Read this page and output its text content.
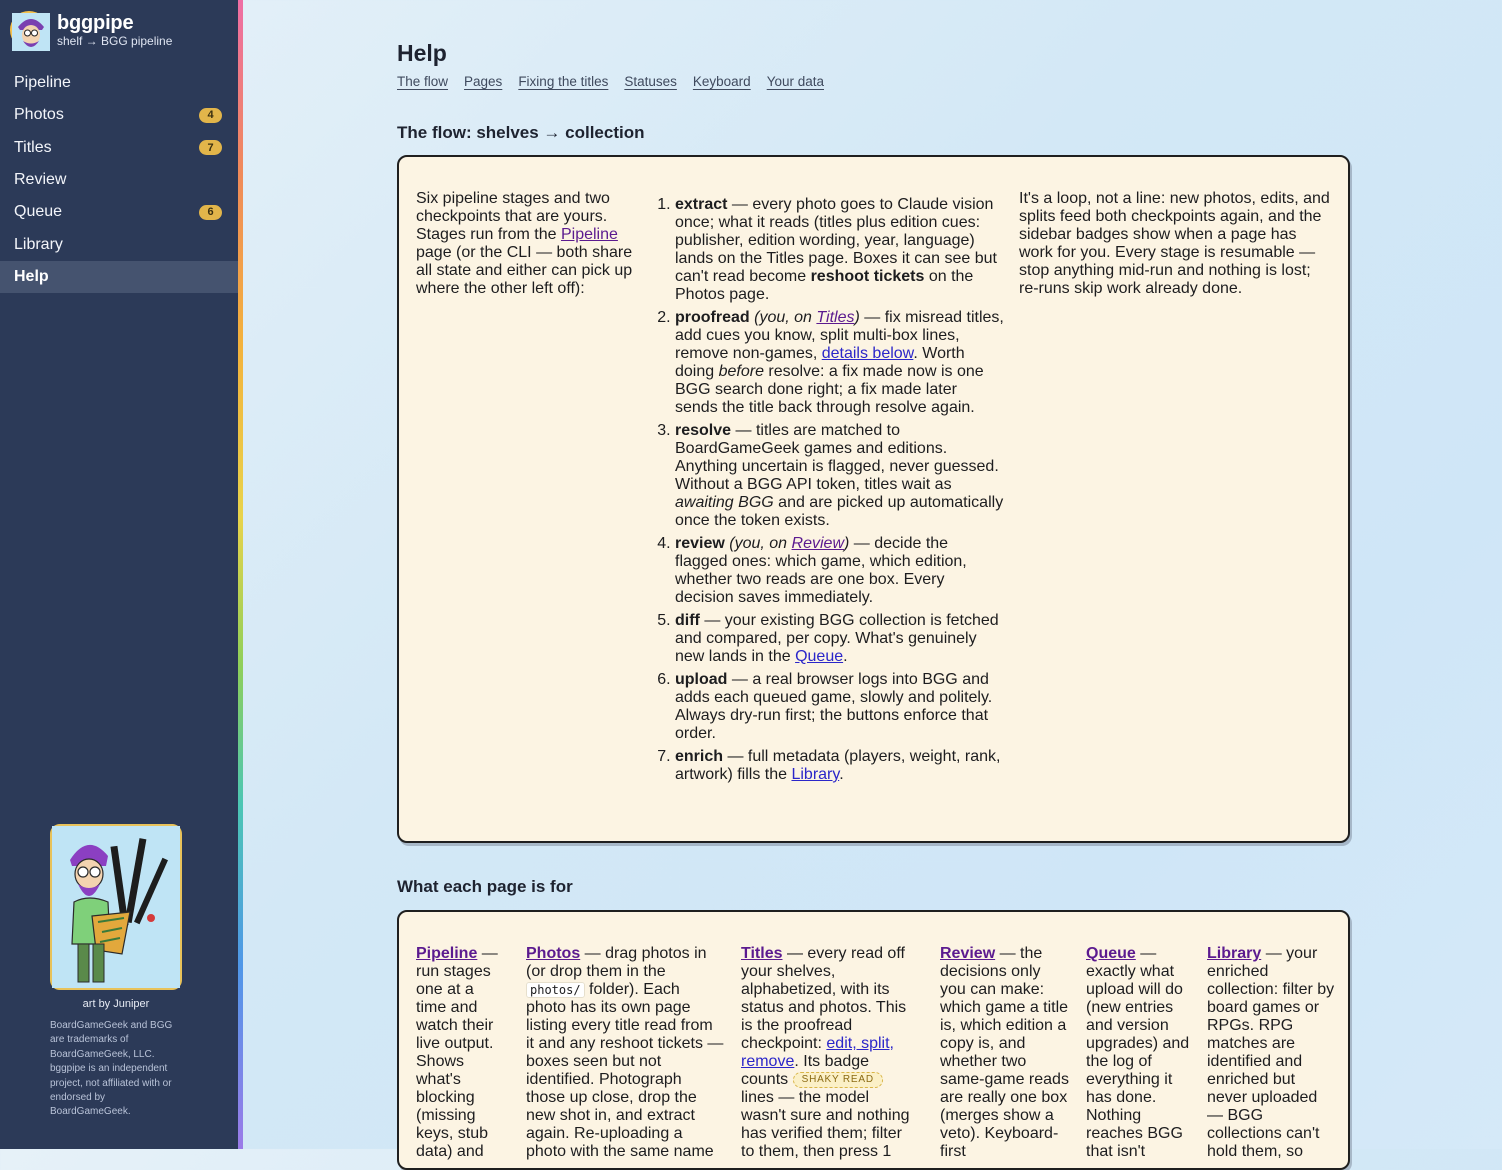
bggpipe
shelf → BGG pipeline
Pipeline
Photos	4
Titles	7
Review
Queue	6
Library
Help
art by Juniper
BoardGameGeek and BGG are trademarks of BoardGameGeek, LLC. bggpipe is an independent project, not affiliated with or endorsed by BoardGameGeek.
Help
The flow Pages Fixing the titles Statuses Keyboard Your data
The flow: shelves → collection

Six pipeline stages and two checkpoints that are yours. Stages run from the Pipeline page (or the CLI — both share all state and either can pick up where the other left off):

1. extract — every photo goes to Claude vision once; what it reads (titles plus edition cues: publisher, edition wording, year, language) lands on the Titles page. Boxes it can see but can't read become reshoot tickets on the Photos page.
2. proofread (you, on Titles) — fix misread titles, add cues you know, split multi-box lines, remove non-games, details below. Worth doing before resolve: a fix made now is one BGG search done right; a fix made later sends the title back through resolve again.
3. resolve — titles are matched to BoardGameGeek games and editions. Anything uncertain is flagged, never guessed. Without a BGG API token, titles wait as awaiting BGG and are picked up automatically once the token exists.
4. review (you, on Review) — decide the flagged ones: which game, which edition, whether two reads are one box. Every decision saves immediately.
5. diff — your existing BGG collection is fetched and compared, per copy. What's genuinely new lands in the Queue.
6. upload — a real browser logs into BGG and adds each queued game, slowly and politely. Always dry-run first; the buttons enforce that order.
7. enrich — full metadata (players, weight, rank, artwork) fills the Library.

It's a loop, not a line: new photos, edits, and splits feed both checkpoints again, and the sidebar badges show when a page has work for you. Every stage is resumable — stop anything mid-run and nothing is lost; re-runs skip work already done.

What each page is for
Pipeline — run stages one at a time and watch their live output. Shows what's blocking (missing keys, stub data) and
Photos — drag photos in (or drop them in the photos/ folder). Each photo has its own page listing every title read from it and any reshoot tickets — boxes seen but not identified. Photograph those up close, drop the new shot in, and extract again. Re-uploading a photo with the same name
Titles — every read off your shelves, alphabetized, with its status and photos. This is the proofread checkpoint: edit, split, remove. Its badge counts SHAKY READ lines — the model wasn't sure and nothing has verified them; filter to them, then press 1
Review — the decisions only you can make: which game a title is, which edition a copy is, and whether two same-game reads are really one box (merges show a veto). Keyboard-first
Queue — exactly what upload will do (new entries and version upgrades) and the log of everything it has done. Nothing reaches BGG that isn't
Library — your enriched collection: filter by board games or RPGs. RPG matches are identified and enriched but never uploaded — BGG collections can't hold them, so
